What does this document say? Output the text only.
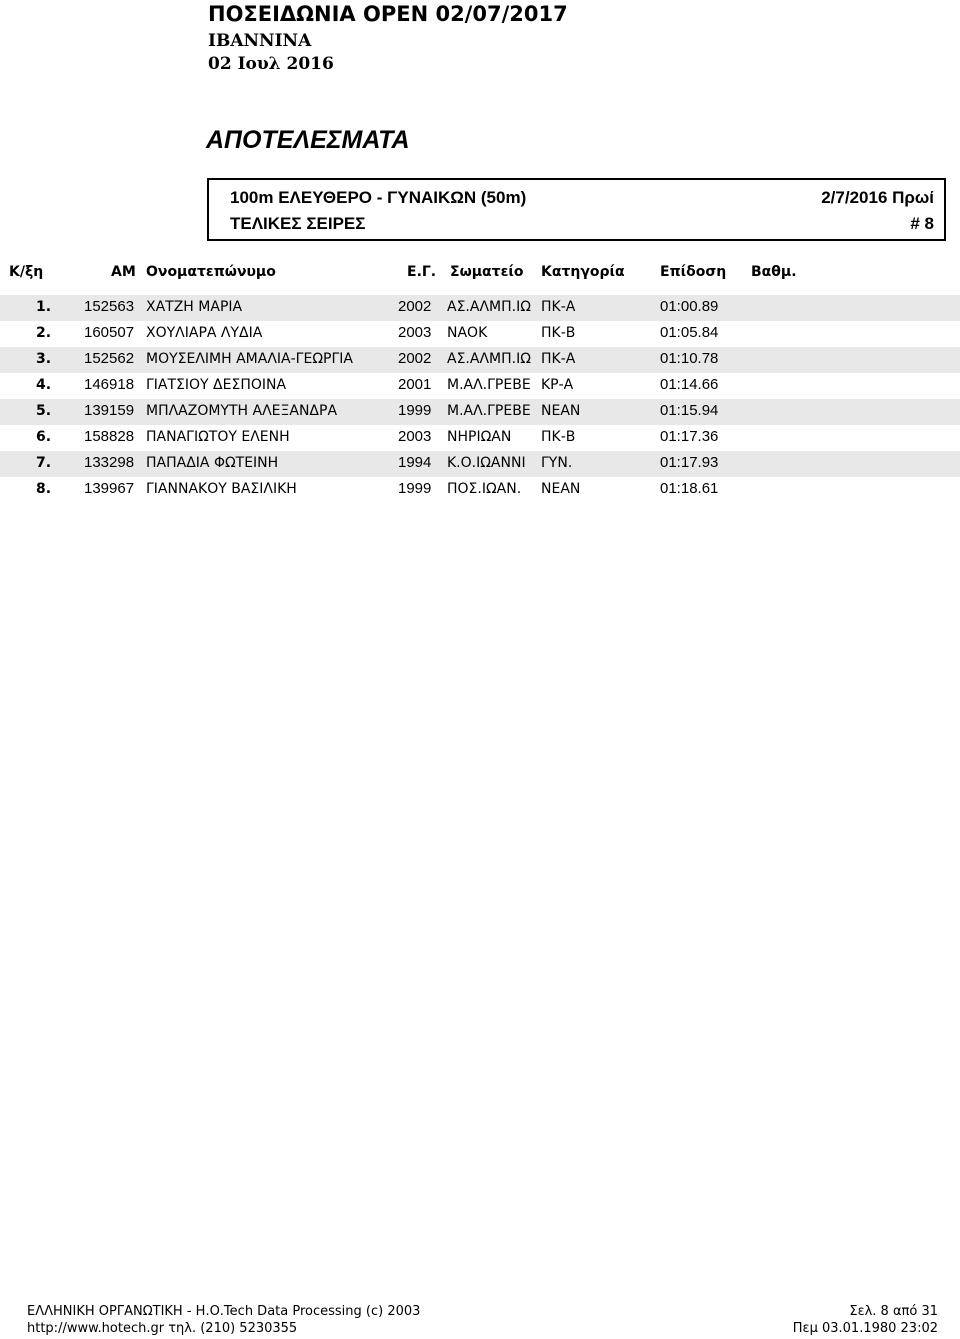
ΠΟΣΕΙΔΩΝΙΑ ΟΡΕΝ 02/07/2017
ΙΒΑΝΝΙΝΑ
02 Ιουλ 2016
ΑΠΟΤΕΛΕΣΜΑΤΑ
100m ΕΛΕΥΘΕΡΟ - ΓΥΝΑΙΚΩΝ (50m)
ΤΕΛΙΚΕΣ ΣΕΙΡΕΣ
2/7/2016 Πρωί
# 8
Κ/ξη	ΑΜ Ονοματεπώνυμο	Ε.Γ. Σωματείο Κατηγορία	Επίδοση Βαθμ.
1. 152563 ΧΑΤΖΗ ΜΑΡΙΑ	2002 ΑΣ.ΑΛΜΠ.ΙΩ ΠΚ-Α	01:00.89
2. 160507 ΧΟΥΛΙΑΡΑ ΛΥΔΙΑ	2003 ΝΑΟΚ	ΠΚ-Β	01:05.84
3. 152562 ΜΟΥΣΕΛΙΜΗ ΑΜΑΛΙΑ-ΓΕΩΡΓΙΑ	2002 ΑΣ.ΑΛΜΠ.ΙΩ ΠΚ-Α	01:10.78
4. 146918 ΓΙΑΤΣΙΟΥ ΔΕΣΠΟΙΝΑ	2001 Μ.ΑΛ.ΓΡΕΒΕ ΚΡ-Α	01:14.66
5. 139159 ΜΠΛΑΖΟΜΥΤΗ ΑΛΕΞΑΝΔΡΑ	1999 Μ.ΑΛ.ΓΡΕΒΕ ΝΕΑΝ	01:15.94
6. 158828 ΠΑΝΑΓΙΩΤΟΥ ΕΛΕΝΗ	2003 ΝΗΡΙΩΑΝ ΠΚ-Β	01:17.36
7. 133298 ΠΑΠΑΔΙΑ ΦΩΤΕΙΝΗ	1994 Κ.Ο.ΙΩΑΝΝΙ ΓΥΝ.	01:17.93
8. 139967 ΓΙΑΝΝΑΚΟΥ ΒΑΣΙΛΙΚΗ	1999 ΠΟΣ.ΙΩΑΝ. ΝΕΑΝ	01:18.61
ΕΛΛΗΝΙΚΗ ΟΡΓΑΝΩΤΙΚΗ - Η.Ο.Tech Data Processing (c) 2003
http://www.hotech.gr τηλ. (210) 5230355
Σελ. 8 από 31
Πεμ 03.01.1980 23:02
